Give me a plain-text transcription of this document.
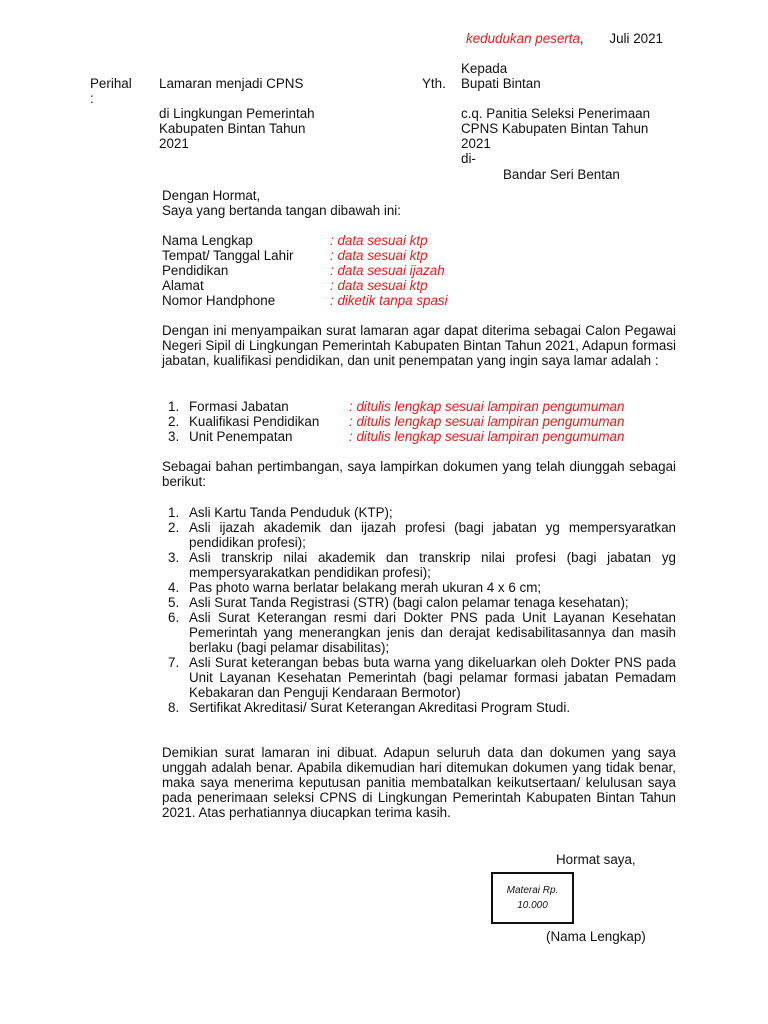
kedudukan peserta, Juli 2021
Perihal
:
Lamaran menjadi CPNS
di Lingkungan Pemerintah
Kabupaten Bintan Tahun
2021
Yth.
Kepada
Bupati Bintan
c.q. Panitia Seleksi Penerimaan
CPNS Kabupaten Bintan Tahun
2021
di-
Bandar Seri Bentan
Dengan Hormat,
Saya yang bertanda tangan dibawah ini:
Nama Lengkap	: data sesuai ktp
Tempat/ Tanggal Lahir	: data sesuai ktp
Pendidikan	: data sesuai ijazah
Alamat	: data sesuai ktp
Nomor Handphone	: diketik tanpa spasi
Dengan ini menyampaikan surat lamaran agar dapat diterima sebagai Calon Pegawai Negeri Sipil di Lingkungan Pemerintah Kabupaten Bintan Tahun 2021, Adapun formasi jabatan, kualifikasi pendidikan, dan unit penempatan yang ingin saya lamar adalah :
1. Formasi Jabatan	: ditulis lengkap sesuai lampiran pengumuman
2. Kualifikasi Pendidikan	: ditulis lengkap sesuai lampiran pengumuman
3. Unit Penempatan	: ditulis lengkap sesuai lampiran pengumuman
Sebagai bahan pertimbangan, saya lampirkan dokumen yang telah diunggah sebagai berikut:
1. Asli Kartu Tanda Penduduk (KTP);
2. Asli ijazah akademik dan ijazah profesi (bagi jabatan yg mempersyaratkan pendidikan profesi);
3. Asli transkrip nilai akademik dan transkrip nilai profesi (bagi jabatan yg mempersyarakatkan pendidikan profesi);
4. Pas photo warna berlatar belakang merah ukuran 4 x 6 cm;
5. Asli Surat Tanda Registrasi (STR) (bagi calon pelamar tenaga kesehatan);
6. Asli Surat Keterangan resmi dari Dokter PNS pada Unit Layanan Kesehatan Pemerintah yang menerangkan jenis dan derajat kedisabilitasannya dan masih berlaku (bagi pelamar disabilitas);
7. Asli Surat keterangan bebas buta warna yang dikeluarkan oleh Dokter PNS pada Unit Layanan Kesehatan Pemerintah (bagi pelamar formasi jabatan Pemadam Kebakaran dan Penguji Kendaraan Bermotor)
8. Sertifikat Akreditasi/ Surat Keterangan Akreditasi Program Studi.
Demikian surat lamaran ini dibuat. Adapun seluruh data dan dokumen yang saya unggah adalah benar. Apabila dikemudian hari ditemukan dokumen yang tidak benar, maka saya menerima keputusan panitia membatalkan keikutsertaan/ kelulusan saya pada penerimaan seleksi CPNS di Lingkungan Pemerintah Kabupaten Bintan Tahun 2021. Atas perhatiannya diucapkan terima kasih.
Hormat saya,
Materai Rp.
10.000
(Nama Lengkap)
